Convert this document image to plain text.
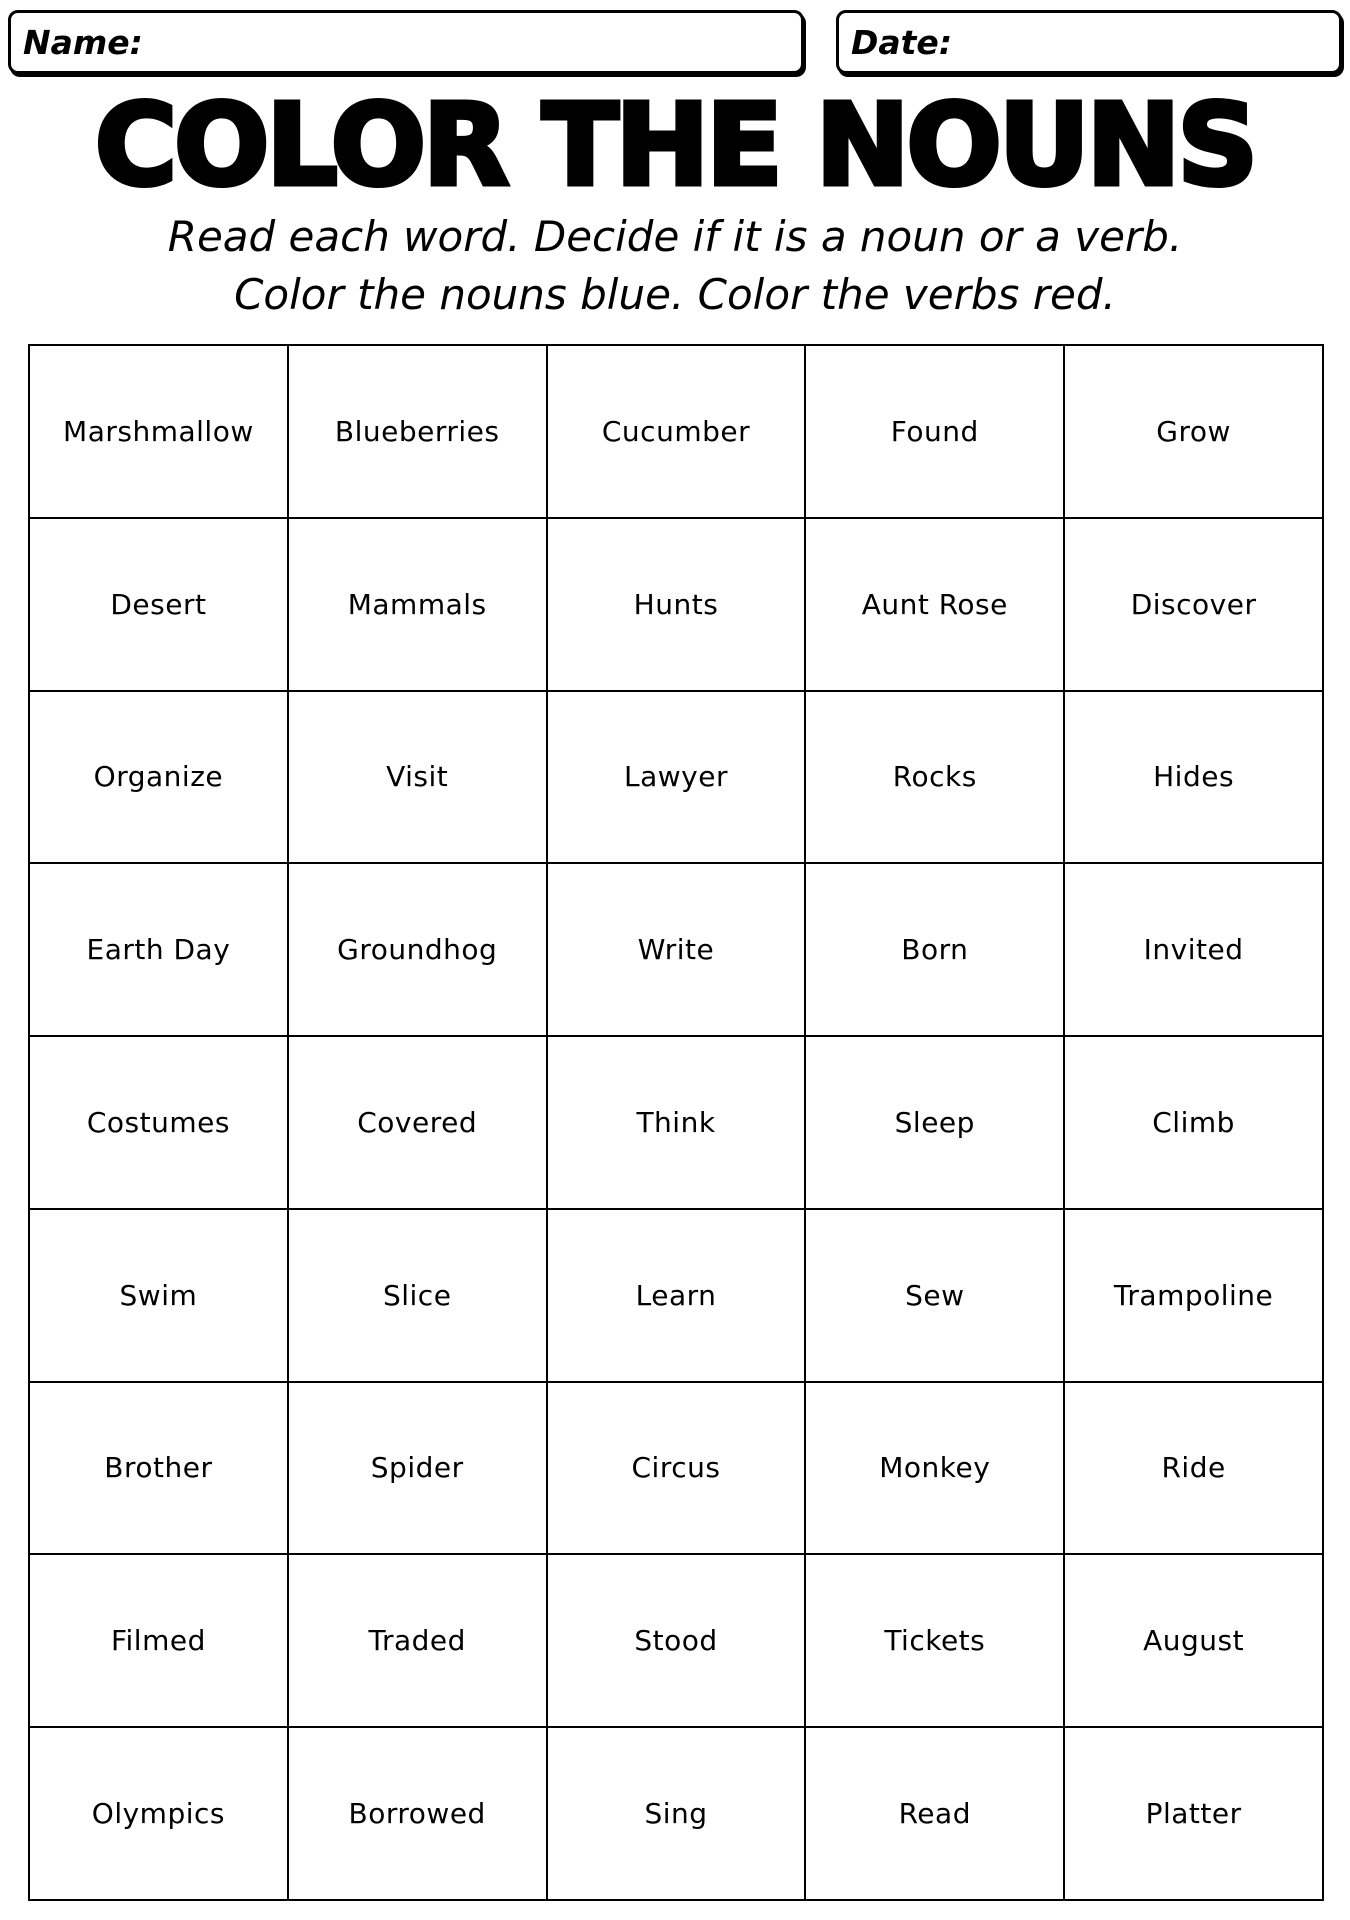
Name:	Date:
COLOR THE NOUNS
Read each word. Decide if it is a noun or a verb.
Color the nouns blue. Color the verbs red.
Marshmallow	Blueberries	Cucumber	Found	Grow
Desert	Mammals	Hunts	Aunt Rose	Discover
Organize	Visit	Lawyer	Rocks	Hides
Earth Day	Groundhog	Write	Born	Invited
Costumes	Covered	Think	Sleep	Climb
Swim	Slice	Learn	Sew	Trampoline
Brother	Spider	Circus	Monkey	Ride
Filmed	Traded	Stood	Tickets	August
Olympics	Borrowed	Sing	Read	Platter
